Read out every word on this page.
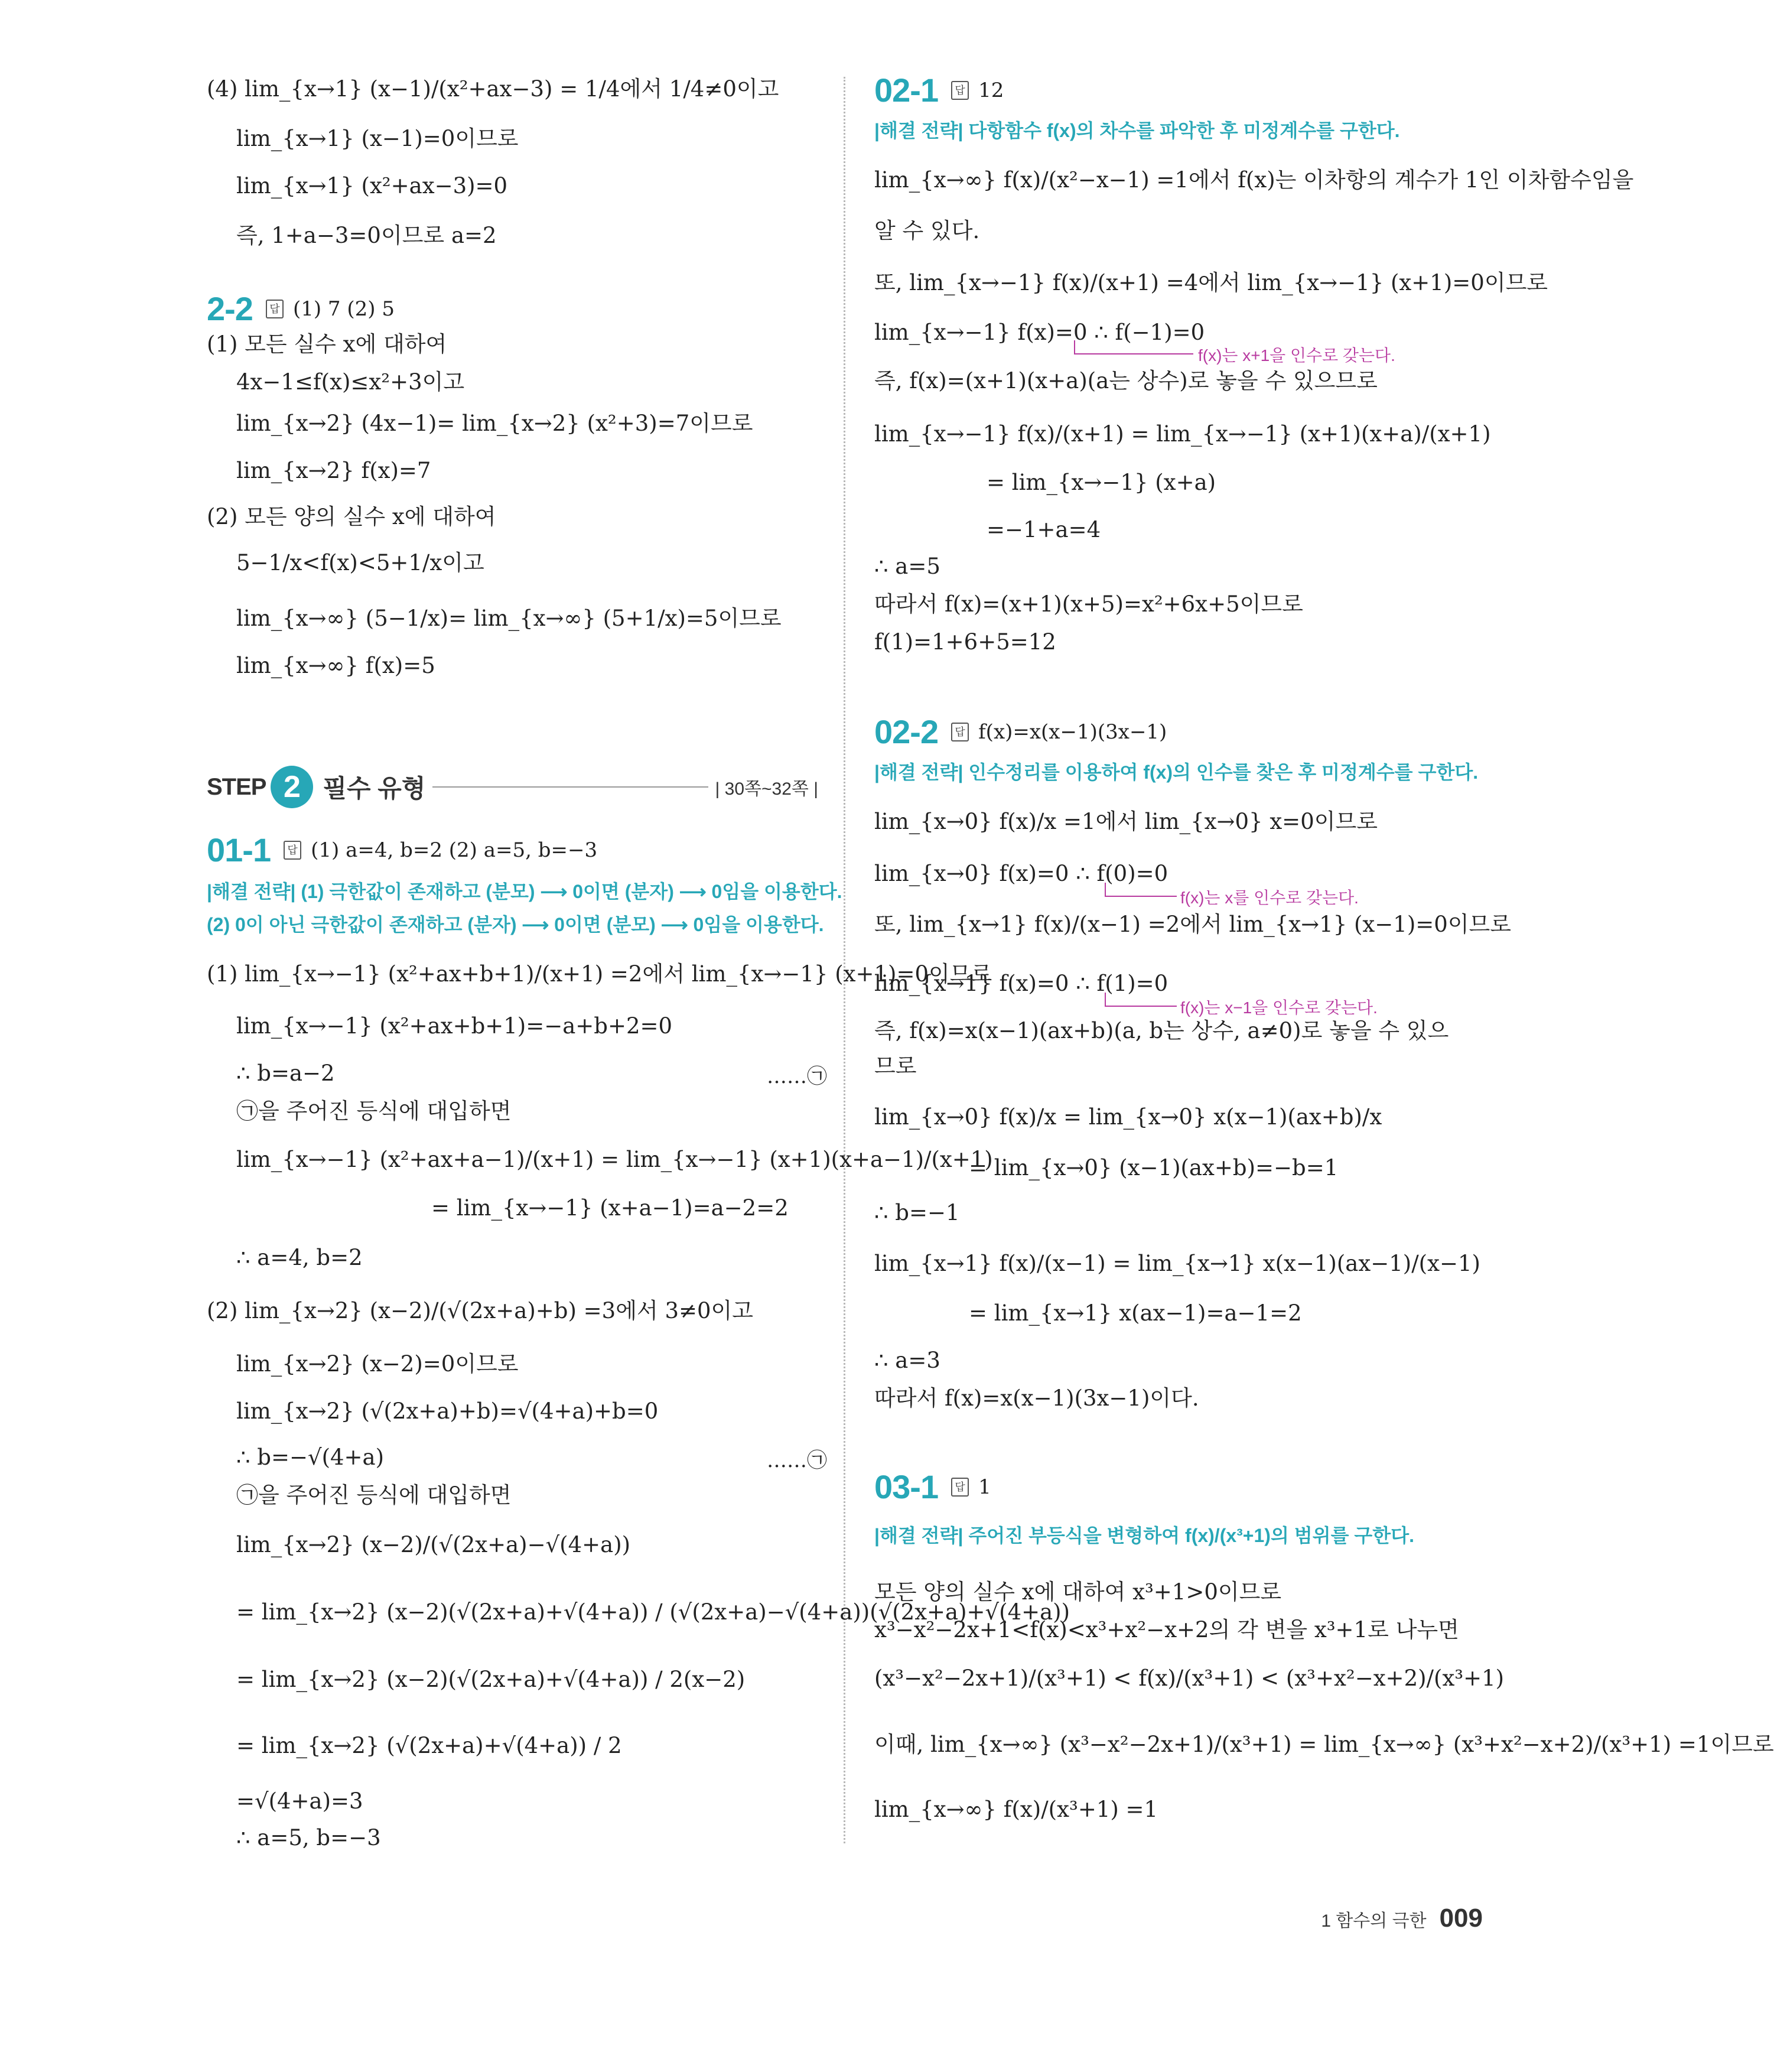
(4) lim_{x→1} (x−1)/(x²+ax−3) = 1/4에서 1/4≠0이고
lim_{x→1} (x−1)=0이므로
lim_{x→1} (x²+ax−3)=0
즉, 1+a−3=0이므로 a=2
2-2	답 (1) 7 (2) 5
(1) 모든 실수 x에 대하여
4x−1≤f(x)≤x²+3이고
lim_{x→2} (4x−1)= lim_{x→2} (x²+3)=7이므로
lim_{x→2} f(x)=7
(2) 모든 양의 실수 x에 대하여
5−1/x<f(x)<5+1/x이고
lim_{x→∞} (5−1/x)= lim_{x→∞} (5+1/x)=5이므로
lim_{x→∞} f(x)=5
STEP 2 필수 유형	| 30쪽~32쪽 |
01-1	답 (1) a=4, b=2 (2) a=5, b=−3
|해결 전략| (1) 극한값이 존재하고 (분모) ⟶ 0이면 (분자) ⟶ 0임을 이용한다.
(2) 0이 아닌 극한값이 존재하고 (분자) ⟶ 0이면 (분모) ⟶ 0임을 이용한다.
(1) lim_{x→−1} (x²+ax+b+1)/(x+1) =2에서 lim_{x→−1} (x+1)=0이므로
lim_{x→−1} (x²+ax+b+1)=−a+b+2=0
∴ b=a−2	……㉠
㉠을 주어진 등식에 대입하면
lim_{x→−1} (x²+ax+a−1)/(x+1) = lim_{x→−1} (x+1)(x+a−1)/(x+1)
= lim_{x→−1} (x+a−1)=a−2=2
∴ a=4, b=2
(2) lim_{x→2} (x−2)/(√(2x+a)+b) =3에서 3≠0이고
lim_{x→2} (x−2)=0이므로
lim_{x→2} (√(2x+a)+b)=√(4+a)+b=0
∴ b=−√(4+a)	……㉠
㉠을 주어진 등식에 대입하면
lim_{x→2} (x−2)/(√(2x+a)−√(4+a))
= lim_{x→2} (x−2)(√(2x+a)+√(4+a)) / (√(2x+a)−√(4+a))(√(2x+a)+√(4+a))
= lim_{x→2} (x−2)(√(2x+a)+√(4+a)) / 2(x−2)
= lim_{x→2} (√(2x+a)+√(4+a)) / 2
=√(4+a)=3
∴ a=5, b=−3
02-1	답 12
|해결 전략| 다항함수 f(x)의 차수를 파악한 후 미정계수를 구한다.
lim_{x→∞} f(x)/(x²−x−1) =1에서 f(x)는 이차항의 계수가 1인 이차함수임을
알 수 있다.
또, lim_{x→−1} f(x)/(x+1) =4에서 lim_{x→−1} (x+1)=0이므로
lim_{x→−1} f(x)=0 ∴ f(−1)=0
f(x)는 x+1을 인수로 갖는다.
즉, f(x)=(x+1)(x+a)(a는 상수)로 놓을 수 있으므로
lim_{x→−1} f(x)/(x+1) = lim_{x→−1} (x+1)(x+a)/(x+1)
= lim_{x→−1} (x+a)
=−1+a=4
∴ a=5
따라서 f(x)=(x+1)(x+5)=x²+6x+5이므로
f(1)=1+6+5=12
02-2	답 f(x)=x(x−1)(3x−1)
|해결 전략| 인수정리를 이용하여 f(x)의 인수를 찾은 후 미정계수를 구한다.
lim_{x→0} f(x)/x =1에서 lim_{x→0} x=0이므로
lim_{x→0} f(x)=0 ∴ f(0)=0
f(x)는 x를 인수로 갖는다.
또, lim_{x→1} f(x)/(x−1) =2에서 lim_{x→1} (x−1)=0이므로
lim_{x→1} f(x)=0 ∴ f(1)=0
f(x)는 x−1을 인수로 갖는다.
즉, f(x)=x(x−1)(ax+b)(a, b는 상수, a≠0)로 놓을 수 있으
므로
lim_{x→0} f(x)/x = lim_{x→0} x(x−1)(ax+b)/x
= lim_{x→0} (x−1)(ax+b)=−b=1
∴ b=−1
lim_{x→1} f(x)/(x−1) = lim_{x→1} x(x−1)(ax−1)/(x−1)
= lim_{x→1} x(ax−1)=a−1=2
∴ a=3
따라서 f(x)=x(x−1)(3x−1)이다.
03-1	답 1
|해결 전략| 주어진 부등식을 변형하여 f(x)/(x³+1)의 범위를 구한다.
모든 양의 실수 x에 대하여 x³+1>0이므로
x³−x²−2x+1<f(x)<x³+x²−x+2의 각 변을 x³+1로 나누면
(x³−x²−2x+1)/(x³+1) < f(x)/(x³+1) < (x³+x²−x+2)/(x³+1)
이때, lim_{x→∞} (x³−x²−2x+1)/(x³+1) = lim_{x→∞} (x³+x²−x+2)/(x³+1) =1이므로
lim_{x→∞} f(x)/(x³+1) =1
1 함수의 극한 009
